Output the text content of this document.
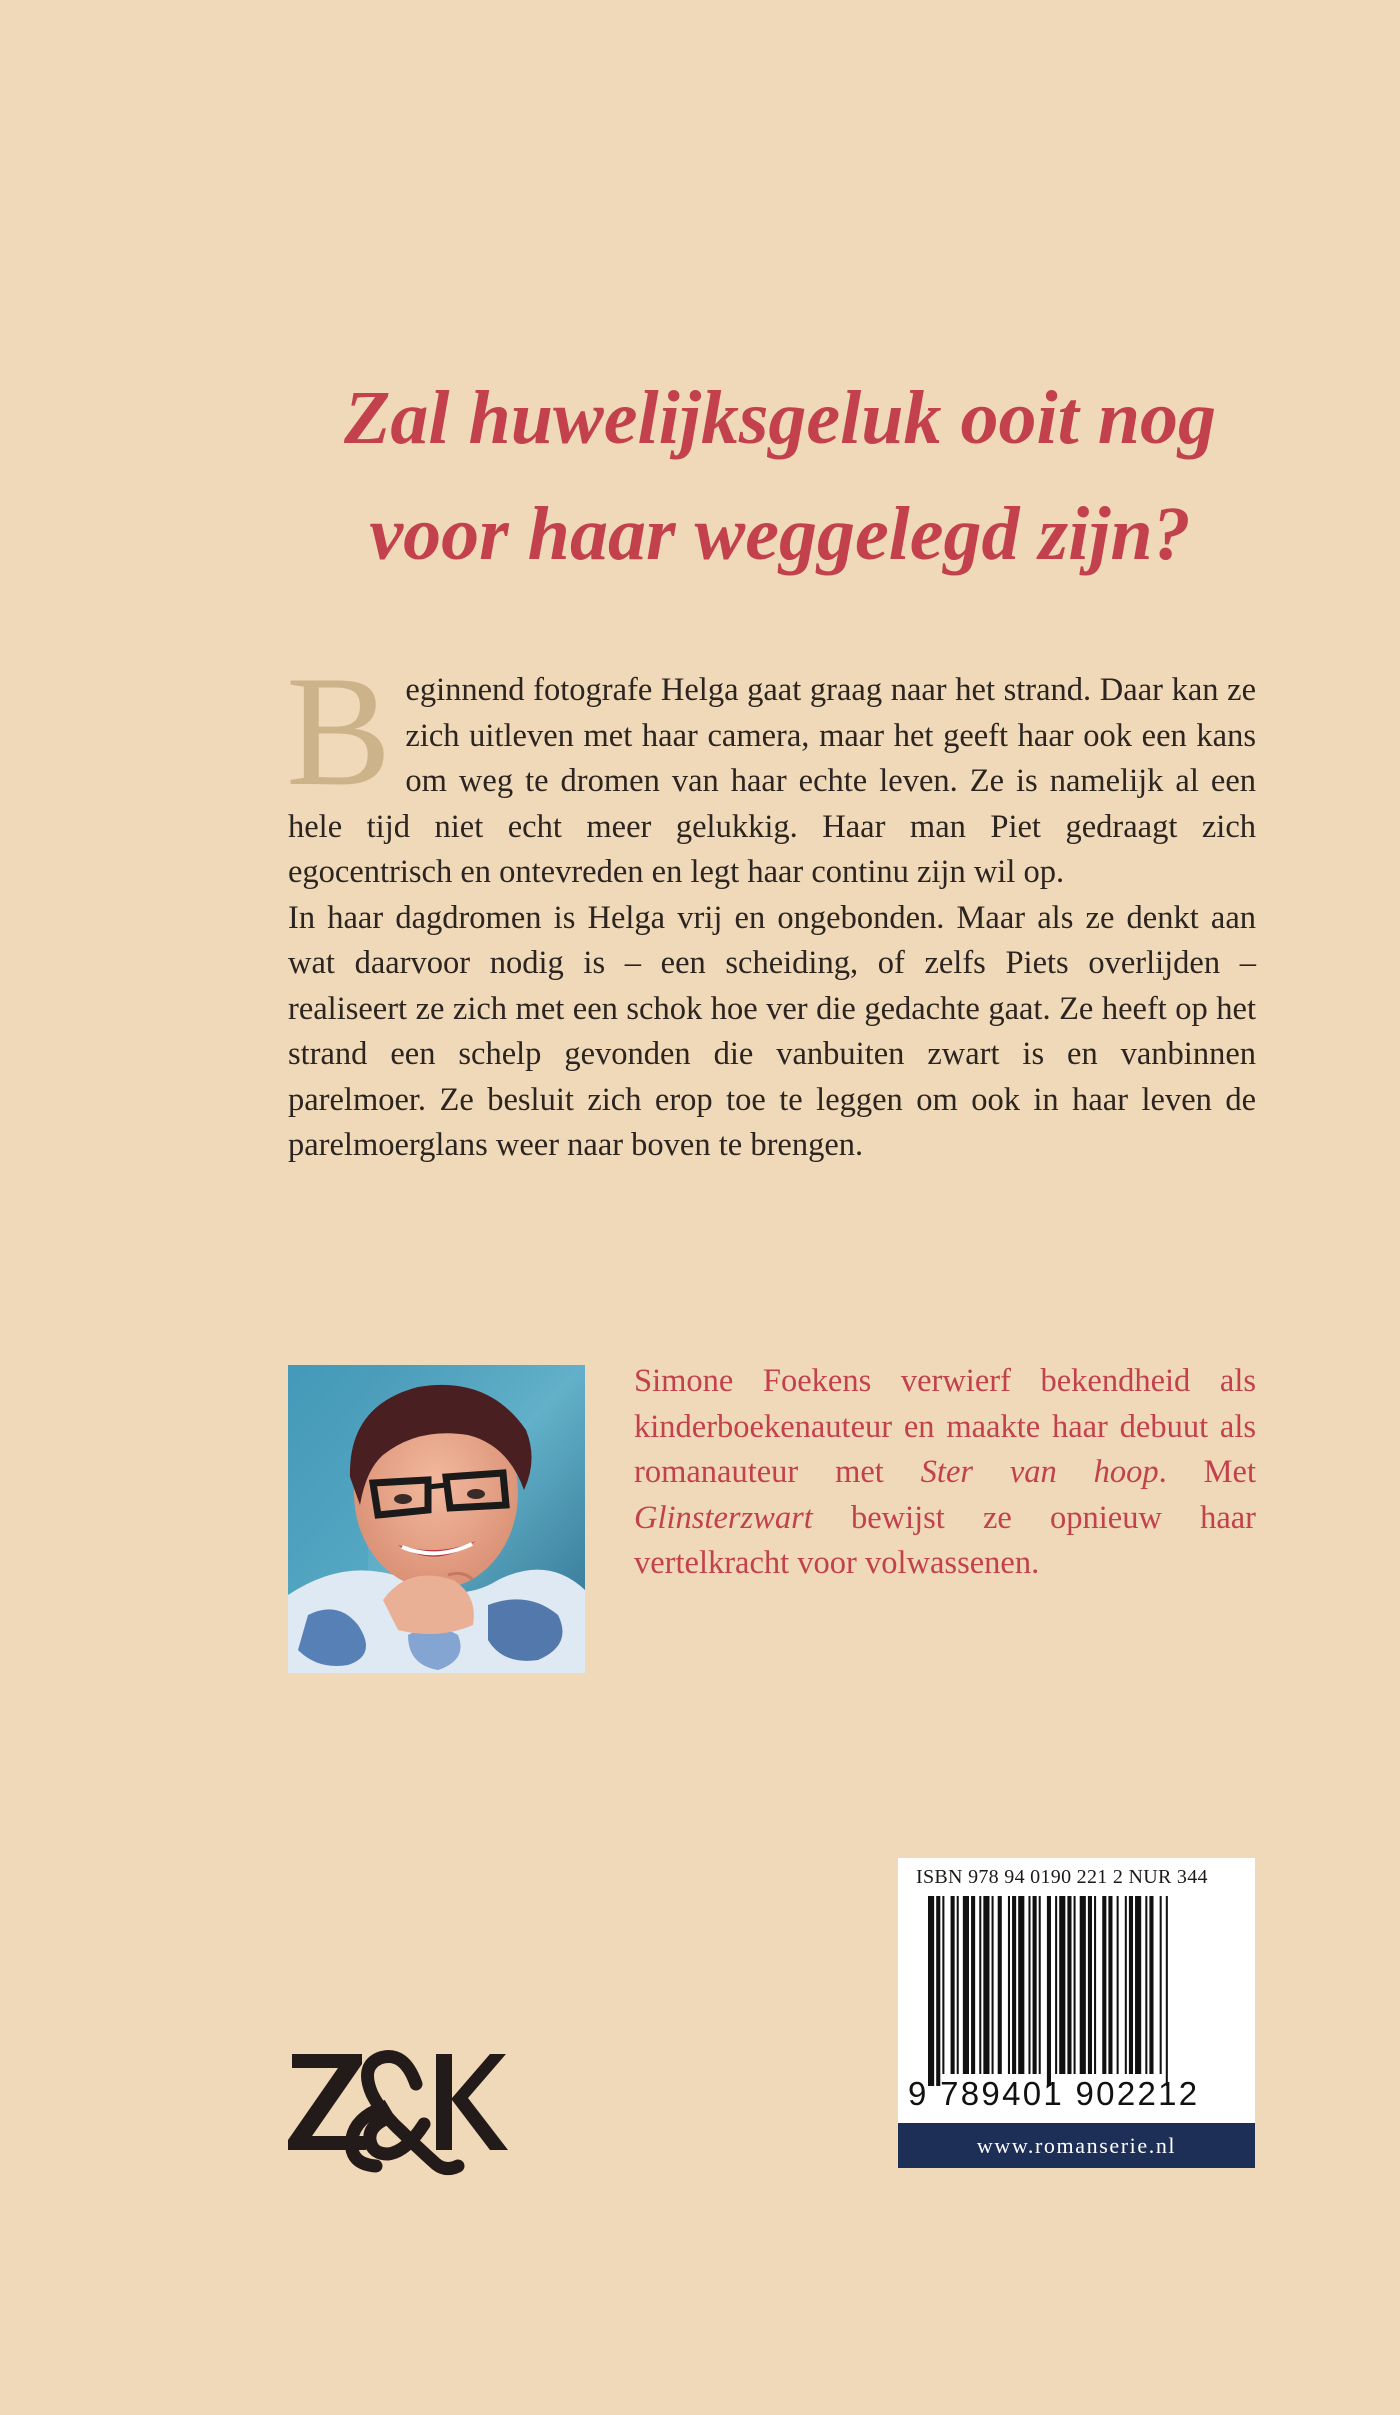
Zal huwelijksgeluk ooit nog
voor haar weggelegd zijn?

Beginnend fotografe Helga gaat graag naar het strand. Daar kan ze zich uitleven met haar camera, maar het geeft haar ook een kans om weg te dromen van haar echte leven. Ze is namelijk al een hele tijd niet echt meer gelukkig. Haar man Piet gedraagt zich egocentrisch en ontevreden en legt haar continu zijn wil op.

In haar dagdromen is Helga vrij en ongebonden. Maar als ze denkt aan wat daarvoor nodig is – een scheiding, of zelfs Piets overlijden – realiseert ze zich met een schok hoe ver die gedachte gaat. Ze heeft op het strand een schelp gevonden die vanbuiten zwart is en vanbinnen parelmoer. Ze besluit zich erop toe te leggen om ook in haar leven de parelmoerglans weer naar boven te brengen.

Simone Foekens verwierf bekendheid als kinderboekenauteur en maakte haar debuut als romanauteur met Ster van hoop. Met Glinsterzwart bewijst ze opnieuw haar vertelkracht voor volwassenen.

ISBN 978 94 0190 221 2 NUR 344
9 789401 902212
www.romanserie.nl
